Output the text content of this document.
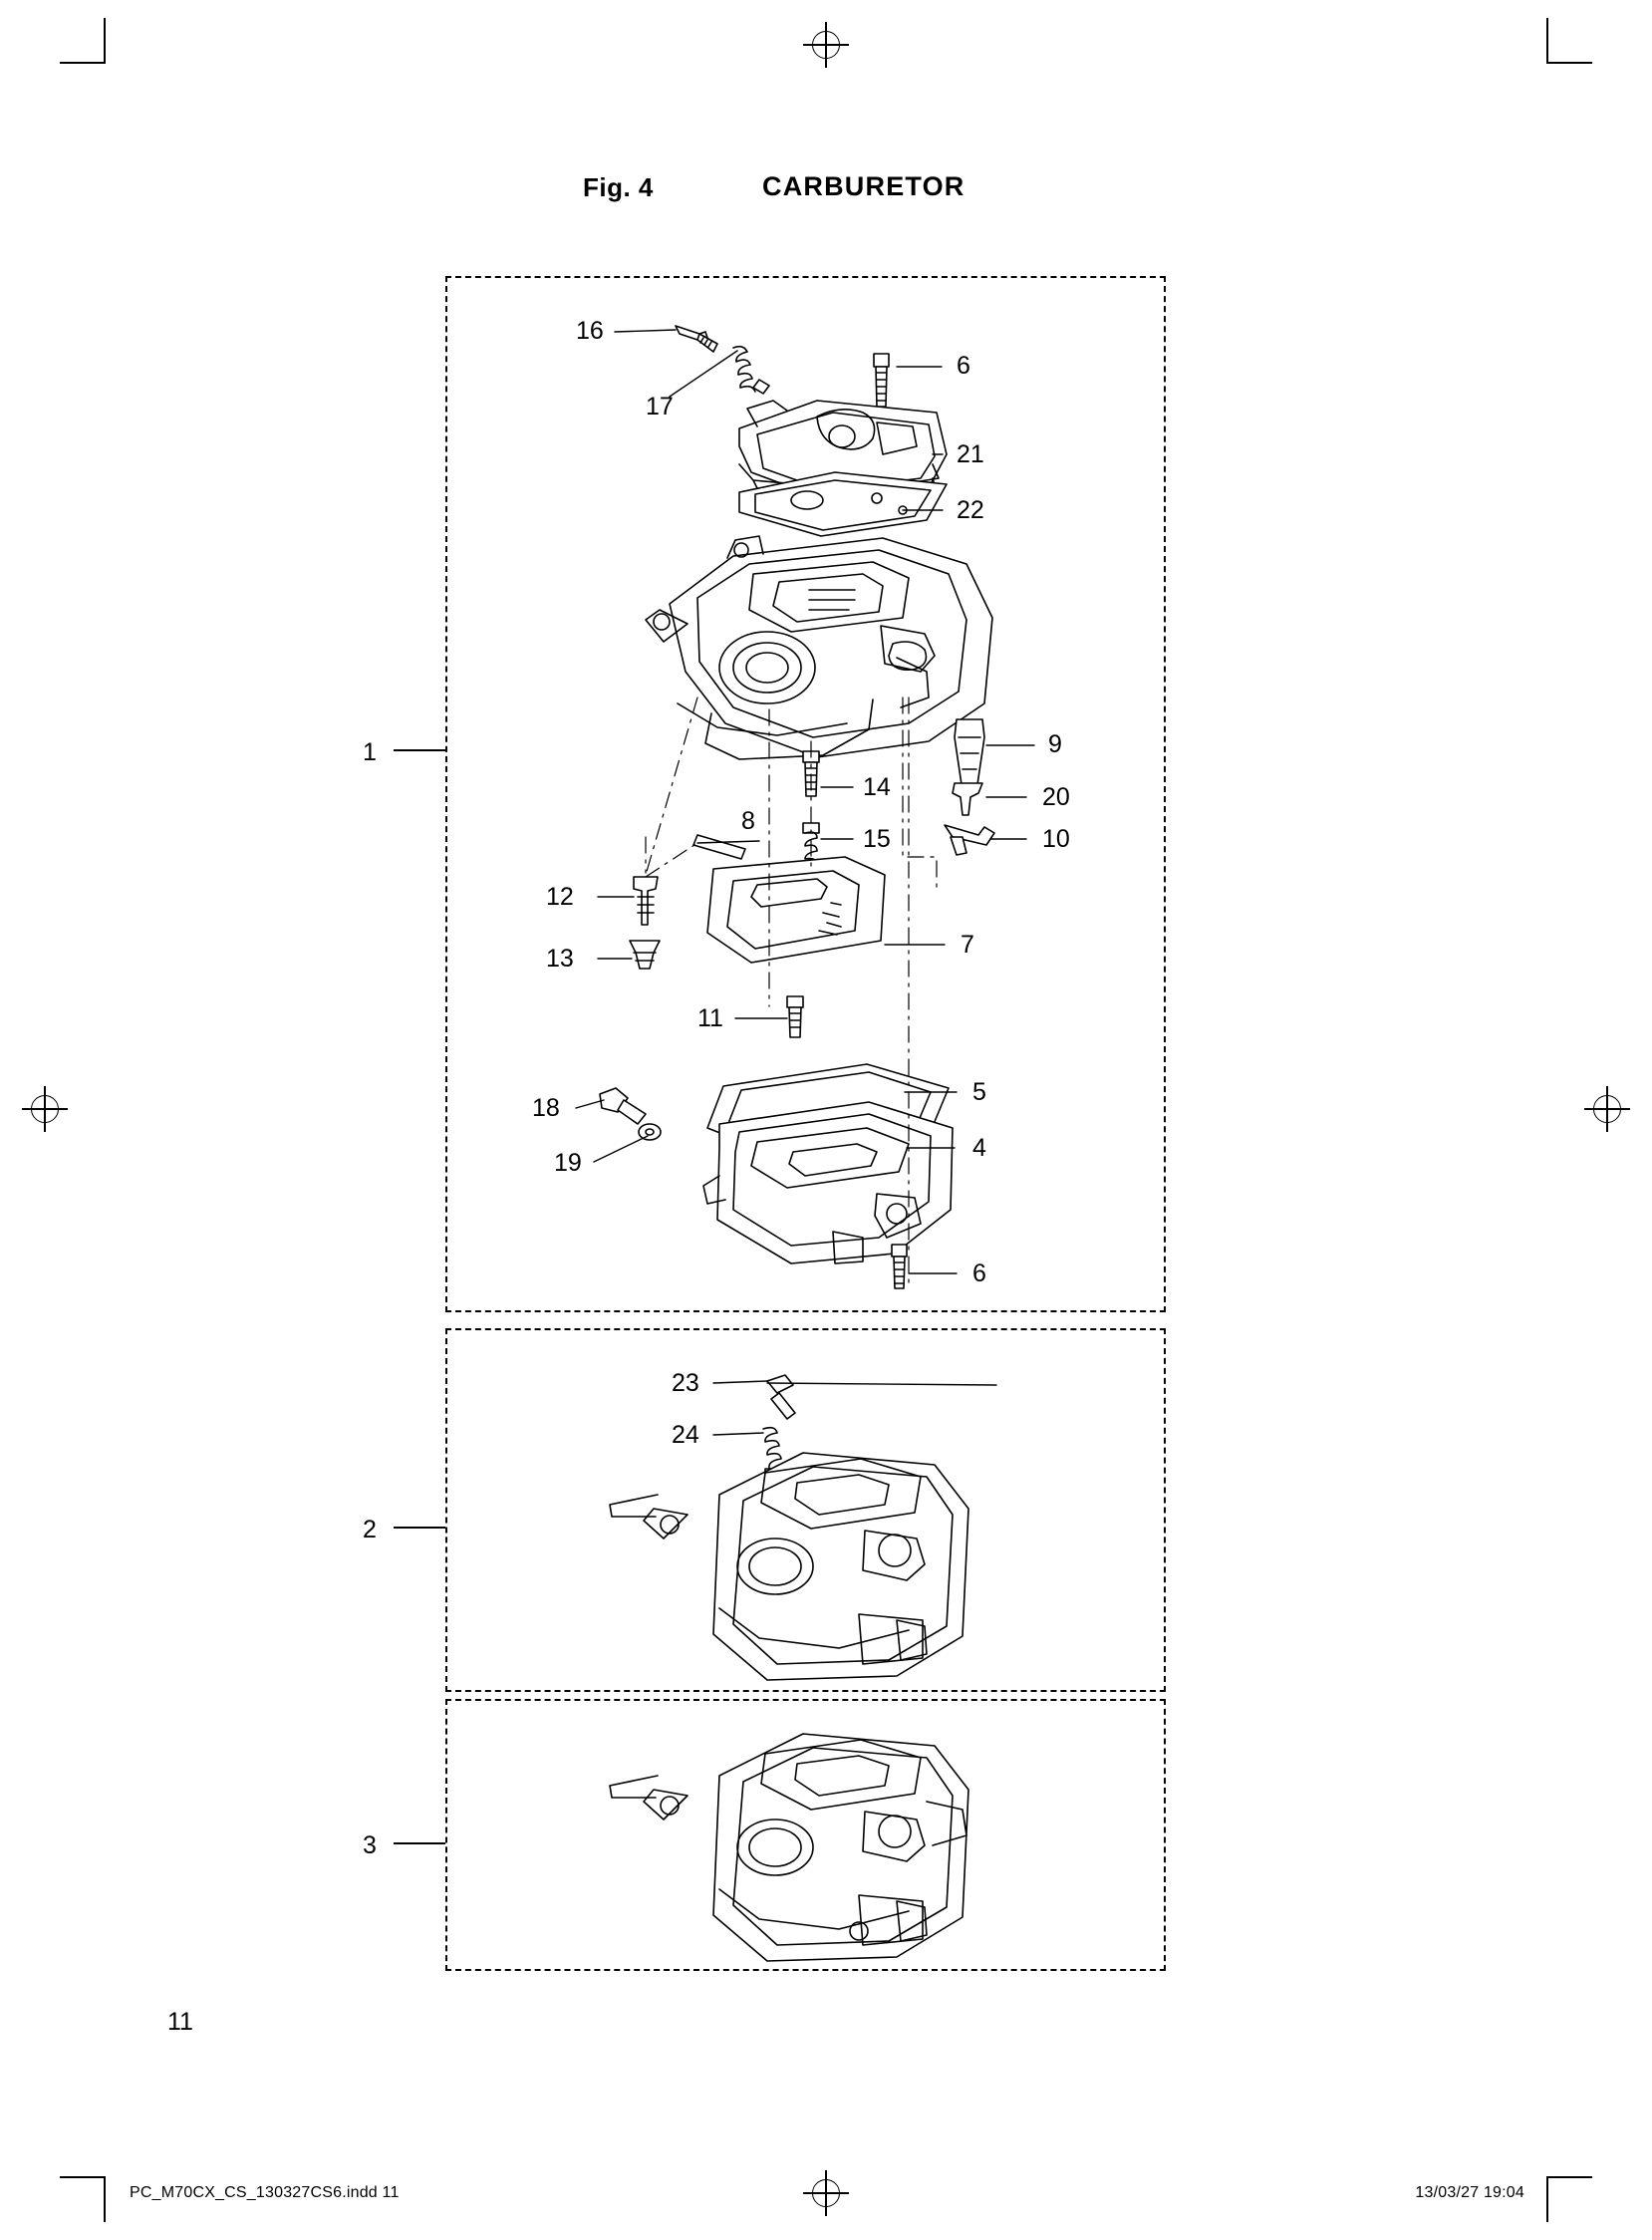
Fig. 4	CARBURETOR
1
2
3
16
17
6
21
22
9
20
10
14
8
15
12
13	7
11
5
4
18
19
6
23
24
11
PC_M70CX_CS_130327CS6.indd 11	13/03/27 19:04
